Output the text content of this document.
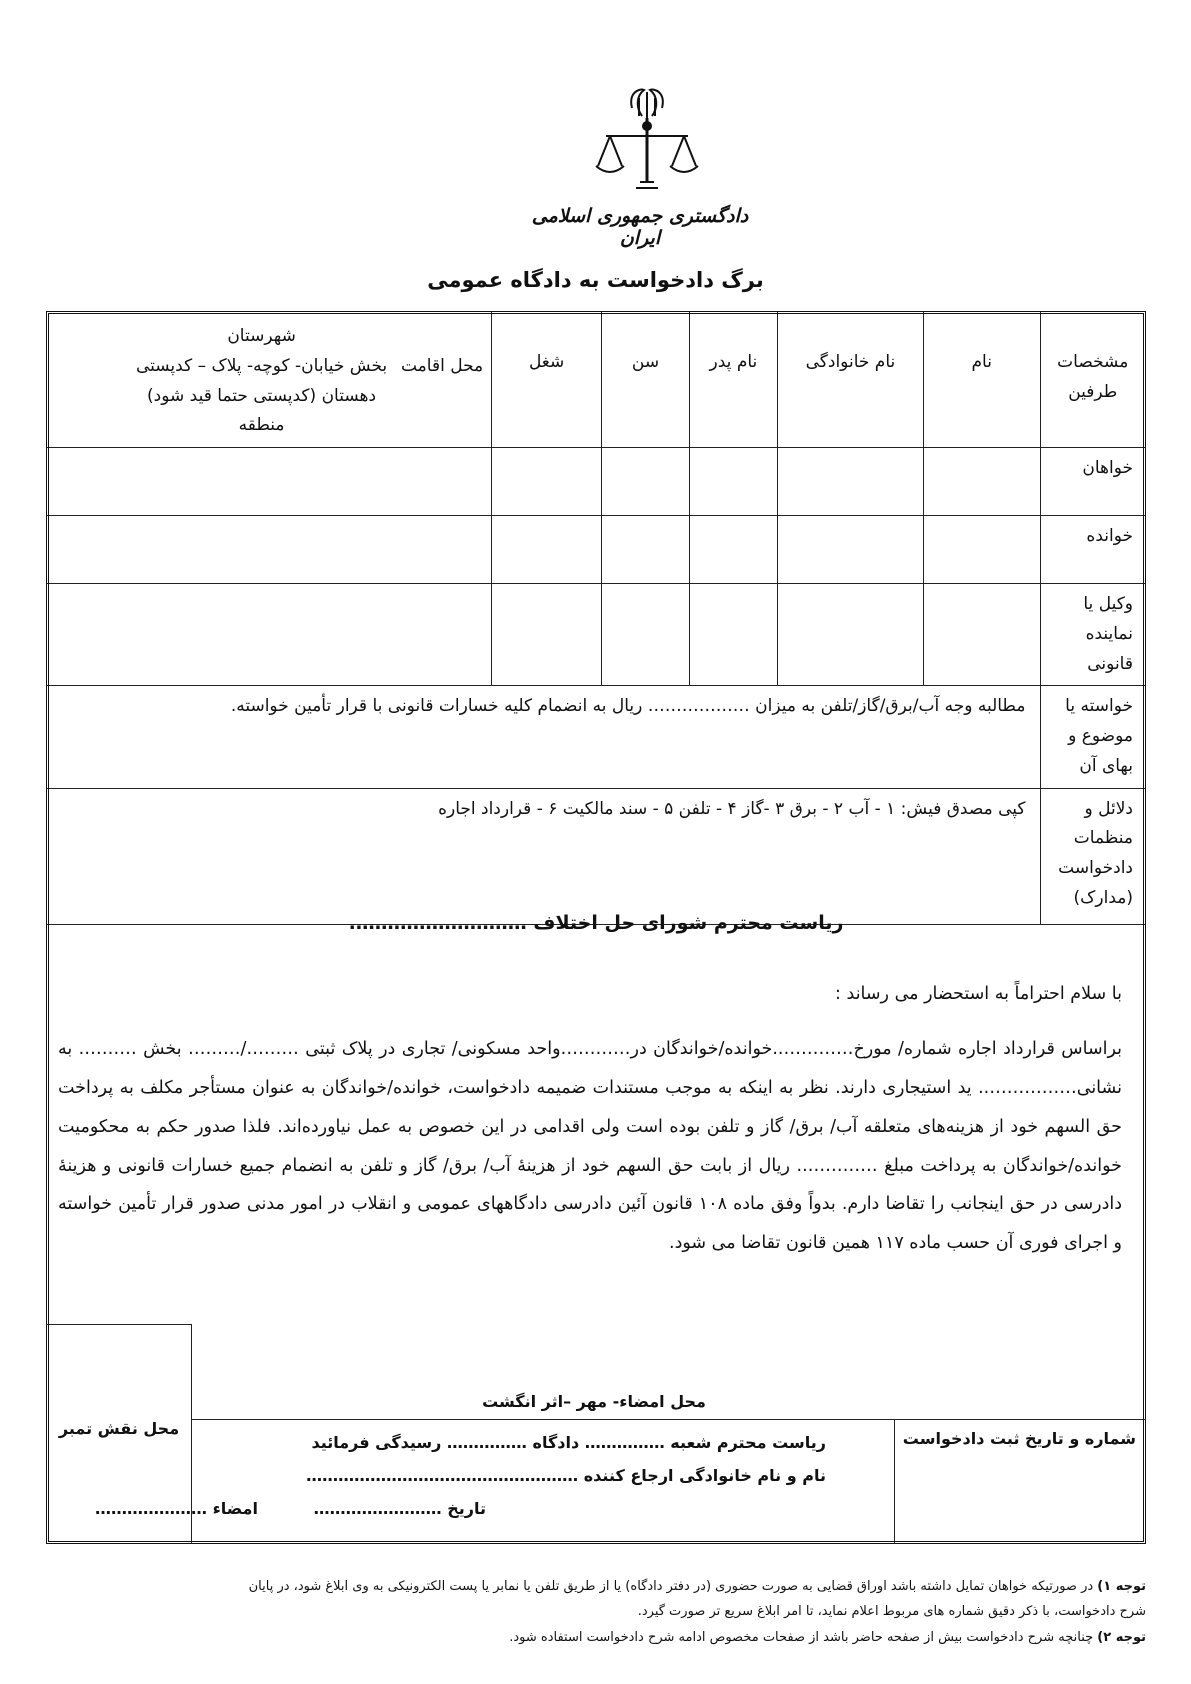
دادگستری جمهوری اسلامی ایران
برگ دادخواست به دادگاه عمومی
مشخصات طرفین	نام	نام خانوادگی	نام پدر	سن	شغل	محل اقامت
شهرستان
بخش خیابان- کوچه- پلاک – کدپستی
دهستان (کدپستی حتما قید شود)
منطقه

خواهان						
خوانده						
وکیل یا نماینده قانونی						
خواسته یا موضوع و بهای آن	مطالبه وجه آب/برق/گاز/تلفن به میزان ……………… ریال به انضمام کلیه خسارات قانونی با قرار تأمین خواسته.					
دلائل و منظمات دادخواست (مدارک)	کپی مصدق فیش: ۱ - آب ۲ - برق ۳ -گاز ۴ - تلفن ۵ - سند مالکیت ۶ - قرارداد اجاره					
ریاست محترم شورای حل اختلاف ……………………….
با سلام احتراماً به استحضار می رساند :
براساس قرارداد اجاره شماره/ مورخ…………..خوانده/خواندگان در…………واحد مسکونی/ تجاری در پلاک ثبتی ………/……… بخش ………. به نشانی…………….. ید استیجاری دارند. نظر به اینکه به موجب مستندات ضمیمه دادخواست، خوانده/خواندگان به عنوان مستأجر مکلف به پرداخت حق السهم خود از هزینه‌های متعلقه آب/ برق/ گاز و تلفن بوده است ولی اقدامی در این خصوص به عمل نیاورده‌اند. فلذا صدور حکم به محکومیت خوانده/خواندگان به پرداخت مبلغ ………….. ریال از بابت حق السهم خود از هزینهٔ آب/ برق/ گاز و تلفن به انضمام جمیع خسارات قانونی و هزینهٔ دادرسی در حق اینجانب را تقاضا دارم. بدواً وفق ماده ۱۰۸ قانون آئین دادرسی دادگاههای عمومی و انقلاب در امور مدنی صدور قرار تأمین خواسته و اجرای فوری آن حسب ماده ۱۱۷ همین قانون تقاضا می شود.
محل نقش تمبر
محل امضاء- مهر –اثر انگشت
شماره و تاریخ ثبت دادخواست
ریاست محترم شعبه …………… دادگاه …………… رسیدگی فرمائید
نام و نام خانوادگی ارجاع کننده ……………………………………………
تاریخ ……………………          امضاء …………………
توجه ۱) در صورتیکه خواهان تمایل داشته باشد اوراق قضایی به صورت حضوری (در دفتر دادگاه) یا از طریق تلفن یا نمابر یا پست الکترونیکی به وی ابلاغ شود، در پایان
شرح دادخواست، با ذکر دقیق شماره های مربوط اعلام نماید، تا امر ابلاغ سریع تر صورت گیرد.
توجه ۲) چنانچه شرح دادخواست بیش از صفحه حاضر باشد از صفحات مخصوص ادامه شرح دادخواست استفاده شود.
